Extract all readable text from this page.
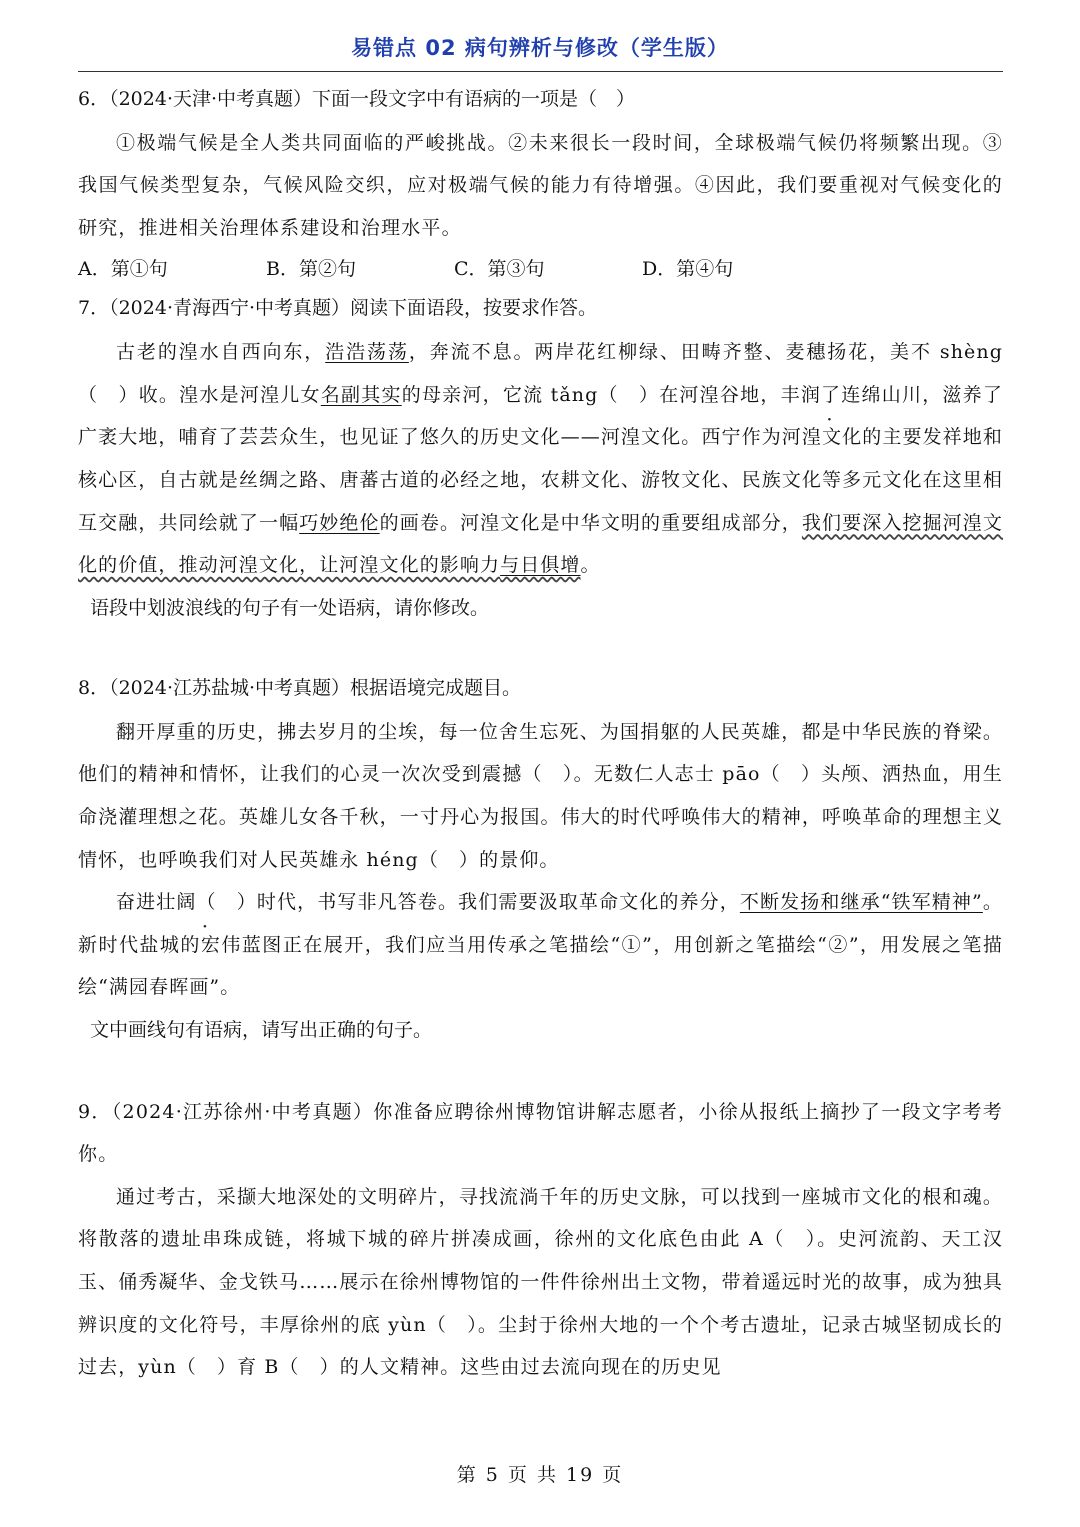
易错点 02 病句辨析与修改（学生版）
6．（2024·天津·中考真题）下面一段文字中有语病的一项是（　）
①极端气候是全人类共同面临的严峻挑战。②未来很长一段时间，全球极端气候仍将频繁出现。③我国气候类型复杂，气候风险交织，应对极端气候的能力有待增强。④因此，我们要重视对气候变化的研究，推进相关治理体系建设和治理水平。
A．第①句	B．第②句	C．第③句	D．第④句
7．（2024·青海西宁·中考真题）阅读下面语段，按要求作答。
古老的湟水自西向东，浩浩荡荡，奔流不息。两岸花红柳绿、田畴齐整、麦穗扬花，美不 shèng（　）收。湟水是河湟儿女名副其实的母亲河，它流 tǎng（　）在河湟谷地，丰润了连绵山川，滋养了广袤大地，哺育了芸芸众生，也见证了悠久的历史文化——河湟文化。西宁作为河湟文化的主要发祥地和核心区，自古就是丝绸之路、唐蕃古道的必经之地，农耕文化、游牧文化、民族文化等多元文化在这里相互交融，共同绘就了一幅巧妙绝伦的画卷。河湟文化是中华文明的重要组成部分，我们要深入挖掘河湟文化的价值，推动河湟文化，让河湟文化的影响力与日俱增。
语段中划波浪线的句子有一处语病，请你修改。
8．（2024·江苏盐城·中考真题）根据语境完成题目。
翻开厚重的历史，拂去岁月的尘埃，每一位舍生忘死、为国捐躯的人民英雄，都是中华民族的脊梁。他们的精神和情怀，让我们的心灵一次次受到震撼（　）。无数仁人志士 pāo（　）头颅、洒热血，用生命浇灌理想之花。英雄儿女各千秋，一寸丹心为报国。伟大的时代呼唤伟大的精神，呼唤革命的理想主义情怀，也呼唤我们对人民英雄永 héng（　）的景仰。
奋进壮阔（　）时代，书写非凡答卷。我们需要汲取革命文化的养分，不断发扬和继承“铁军精神”。新时代盐城的宏伟蓝图正在展开，我们应当用传承之笔描绘“①”，用创新之笔描绘“②”，用发展之笔描绘“满园春晖画”。
文中画线句有语病，请写出正确的句子。
9．（2024·江苏徐州·中考真题）你准备应聘徐州博物馆讲解志愿者，小徐从报纸上摘抄了一段文字考考你。
通过考古，采撷大地深处的文明碎片，寻找流淌千年的历史文脉，可以找到一座城市文化的根和魂。将散落的遗址串珠成链，将城下城的碎片拼凑成画，徐州的文化底色由此 A（　）。史河流韵、天工汉玉、俑秀凝华、金戈铁马……展示在徐州博物馆的一件件徐州出土文物，带着遥远时光的故事，成为独具辨识度的文化符号，丰厚徐州的底 yùn（　）。尘封于徐州大地的一个个考古遗址，记录古城坚韧成长的过去，yùn（　）育 B（　）的人文精神。这些由过去流向现在的历史见
第 5 页 共 19 页
